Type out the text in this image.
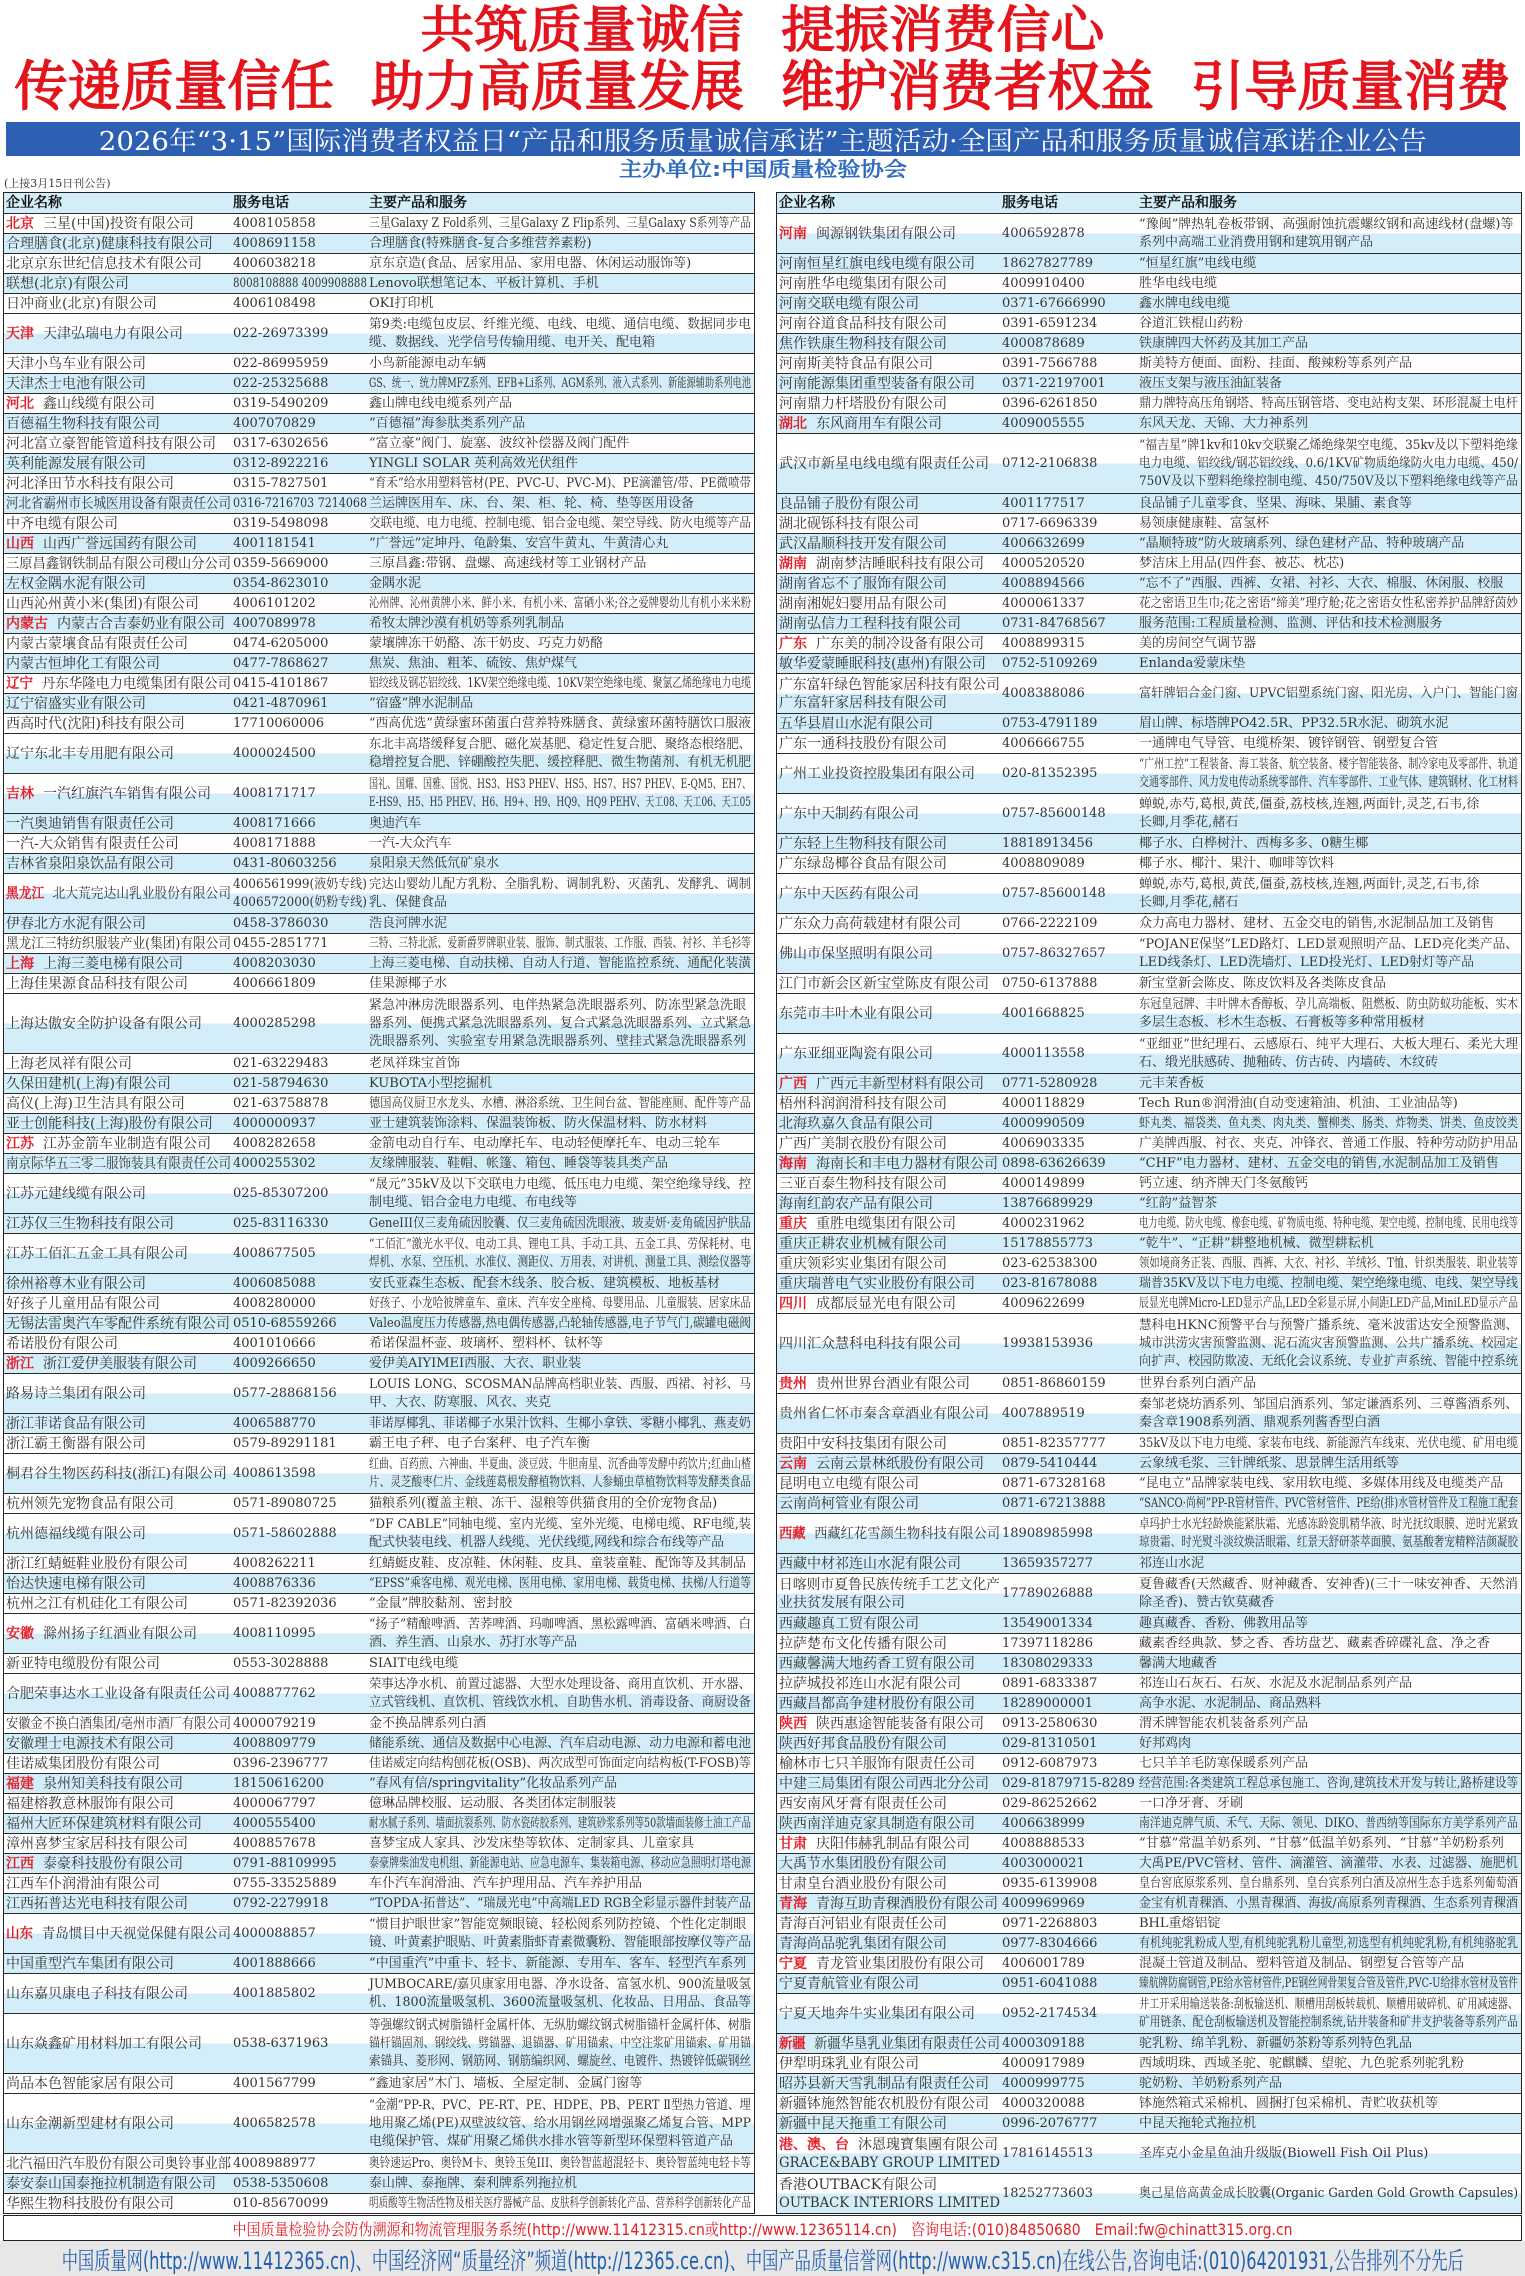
共筑质量诚信  提振消费信心
传递质量信任  助力高质量发展  维护消费者权益  引导质量消费
2026年“3·15”国际消费者权益日“产品和服务质量诚信承诺”主题活动·全国产品和服务质量诚信承诺企业公告
主办单位:中国质量检验协会
(上接3月15日刊公告)
企业名称	服务电话	主要产品和服务
北京 三星(中国)投资有限公司	4008105858	三星Galaxy Z Fold系列、三星Galaxy Z Flip系列、三星Galaxy S系列等产品
合理膳食(北京)健康科技有限公司	4008691158	合理膳食(特殊膳食-复合多维营养素粉)
北京京东世纪信息技术有限公司	4006038218	京东京造(食品、居家用品、家用电器、休闲运动服饰等)
联想(北京)有限公司	8008108888 4009908888 Lenovo联想笔记本、平板计算机、手机
日冲商业(北京)有限公司	4006108498	OKI打印机
天津 天津弘瑞电力有限公司	022-26973399
第9类:电缆包皮层、纤维光缆、电线、电缆、通信电缆、数据同步电
缆、数据线、光学信号传输用缆、电开关、配电箱
天津小鸟车业有限公司	022-86995959	小鸟新能源电动车辆
天津杰士电池有限公司	022-25325688	GS、统一、统力牌MFZ系列、EFB+Li系列、AGM系列、液入式系列、新能源辅助系列电池
河北 鑫山线缆有限公司	0319-5490209	鑫山牌电线电缆系列产品
百德福生物科技有限公司	4007070829	“百德福”海参肽类系列产品
河北富立豪智能管道科技有限公司	0317-6302656	“富立豪”阀门、旋塞、波纹补偿器及阀门配件
英利能源发展有限公司	0312-8922216	YINGLI SOLAR 英利高效光伏组件
河北泽田节水科技有限公司	0315-7827501	“育禾”给水用塑料管材(PE、PVC-U、PVC-M)、PE滴灌管/带、PE微喷带
河北省霸州市长城医用设备有限责任公司 0316-7216703 7214068 兰运牌医用车、床、台、架、柜、轮、椅、垫等医用设备
中齐电缆有限公司	0319-5498098	交联电缆、电力电缆、控制电缆、铝合金电缆、架空导线、防火电缆等产品
山西 山西广誉远国药有限公司	4001181541	“广誉远”定坤丹、龟龄集、安宫牛黄丸、牛黄清心丸
三原昌鑫钢铁制品有限公司稷山分公司 0359-5669000	三原昌鑫:带钢、盘螺、高速线材等工业钢材产品
左权金隅水泥有限公司	0354-8623010	金隅水泥
山西沁州黄小米(集团)有限公司	4006101202	沁州牌、沁州黄牌小米、鲜小米、有机小米、富硒小米;谷之爱牌婴幼儿有机小米米粉
内蒙古 内蒙古合吉泰奶业有限公司 4007089978	希牧太牌沙漠有机奶等系列乳制品
内蒙古蒙壤食品有限责任公司	0474-6205000	蒙壤牌冻干奶酪、冻干奶皮、巧克力奶酪
内蒙古恒坤化工有限公司	0477-7868627	焦炭、焦油、粗苯、硫铵、焦炉煤气
辽宁 丹东华隆电力电缆集团有限公司 0415-4101867	铝绞线及钢芯铝绞线、1KV架空绝缘电缆、10KV架空绝缘电缆、聚氯乙烯绝缘电力电缆
辽宁宿盛实业有限公司	0421-4870961	“宿盛”牌水泥制品
西高时代(沈阳)科技有限公司	17710060006	“西高优选”黄绿蜜环菌蛋白营养特殊膳食、黄绿蜜环菌特膳饮口服液
辽宁东北丰专用肥有限公司	4000024500
东北丰高塔缓释复合肥、磁化炭基肥、稳定性复合肥、聚络态根络肥、
稳增控复合肥、锌硼酸控失肥、缓控释肥、微生物菌剂、有机无机肥
吉林 一汽红旗汽车销售有限公司	4008171717
国礼、国耀、国雅、国悦、HS3、HS3 PHEV、HS5、HS7、HS7 PHEV、E-QM5、EH7、
E-HS9、H5、H5 PHEV、H6、H9+、H9、HQ9、HQ9 PEHV、天工08、天工06、天工05
一汽奥迪销售有限责任公司	4008171666	奥迪汽车
一汽-大众销售有限责任公司	4008171888	一汽-大众汽车
吉林省泉阳泉饮品有限公司	0431-80603256	泉阳泉天然低氘矿泉水
黑龙江 北大荒完达山乳业股份有限公司
4006561999(液奶专线)
4006572000(奶粉专线)
完达山婴幼儿配方乳粉、全脂乳粉、调制乳粉、灭菌乳、发酵乳、调制
乳、保健食品
伊春北方水泥有限公司	0458-3786030	浩良河牌水泥
黑龙江三特纺织服装产业(集团)有限公司 0455-2851771	三特、三特北派、爱新爵罗牌职业装、服饰、制式服装、工作服、西装、衬衫、羊毛衫等
上海 上海三菱电梯有限公司	4008203030	上海三菱电梯、自动扶梯、自动人行道、智能监控系统、通配化装潢
上海佳果源食品科技有限公司	4006661809	佳果源椰子水
上海达傲安全防护设备有限公司	4000285298
紧急冲淋房洗眼器系列、电伴热紧急洗眼器系列、防冻型紧急洗眼
器系列、便携式紧急洗眼器系列、复合式紧急洗眼器系列、立式紧急
洗眼器系列、实验室专用紧急洗眼器系列、壁挂式紧急洗眼器系列
上海老凤祥有限公司	021-63229483	老凤祥珠宝首饰
久保田建机(上海)有限公司	021-58794630	KUBOTA小型挖掘机
高仪(上海)卫生洁具有限公司	021-63758878	德国高仪厨卫水龙头、水槽、淋浴系统、卫生间台盆、智能座厕、配件等产品
亚士创能科技(上海)股份有限公司	4000000937	亚士建筑装饰涂料、保温装饰板、防火保温材料、防水材料
江苏 江苏金箭车业制造有限公司	4008282658	金箭电动自行车、电动摩托车、电动轻便摩托车、电动三轮车
南京际华五三零二服饰装具有限责任公司 4000255302	友缘牌服装、鞋帽、帐篷、箱包、睡袋等装具类产品
江苏元建线缆有限公司	025-85307200
“晟元”35kV及以下交联电力电缆、低压电力电缆、架空绝缘导线、控
制电缆、铝合金电力电缆、布电线等
江苏仅三生物科技有限公司	025-83116330	GeneIII仅三麦角硫因胶囊、仅三麦角硫因洗眼液、玻麦妍·麦角硫因护肤品
江苏工佰汇五金工具有限公司	4008677505
“工佰汇”激光水平仪、电动工具、锂电工具、手动工具、五金工具、劳保耗材、电
焊机、水泵、空压机、水准仪、测距仪、万用表、对讲机、测量工具、测绘仪器等
徐州裕尊木业有限公司	4006085088	安氏亚森生态板、配套木线条、胶合板、建筑模板、地板基材
好孩子儿童用品有限公司	4008280000	好孩子、小龙哈彼牌童车、童床、汽车安全座椅、母婴用品、儿童服装、居家床品
无锡法雷奥汽车零配件系统有限公司 0510-68559266	Valeo温度压力传感器,热电偶传感器,凸轮轴传感器,电子节气门,碳罐电磁阀
希诺股份有限公司	4001010666	希诺保温杯壶、玻璃杯、塑料杯、钛杯等
浙江 浙江爱伊美服装有限公司	4009266650	爱伊美AIYIMEI西服、大衣、职业装
路易诗兰集团有限公司	0577-28868156
LOUIS LONG、SCOSMAN品牌高档职业装、西服、西裙、衬衫、马
甲、大衣、防寒服、风衣、夹克
浙江菲诺食品有限公司	4006588770	菲诺厚椰乳、菲诺椰子水果汁饮料、生椰小拿铁、零糖小椰乳、燕麦奶
浙江霸王衡器有限公司	0579-89291181	霸王电子秤、电子台案秤、电子汽车衡
桐君谷生物医药科技(浙江)有限公司 4008613598
红曲、百药煎、六神曲、半夏曲、淡豆豉、牛胆南星、沉香曲等发酵中药饮片;红曲山楂
片、灵芝酸枣仁片、金线莲葛根发酵植物饮料、人参蛹虫草植物饮料等发酵类食品
杭州领先宠物食品有限公司	0571-89080725	猫粮系列(覆盖主粮、冻干、湿粮等供猫食用的全价宠物食品)
杭州德福线缆有限公司	0571-58602888
“DF CABLE”同轴电缆、室内光缆、室外光缆、电梯电缆、RF电缆,装
配式快装电线、机器人线缆、光伏线缆,网线和综合布线等产品
浙江红蜻蜓鞋业股份有限公司	4008262211	红蜻蜓皮鞋、皮凉鞋、休闲鞋、皮具、童装童鞋、配饰等及其制品
怡达快速电梯有限公司	4008876336	“EPSS”乘客电梯、观光电梯、医用电梯、家用电梯、载货电梯、扶梯/人行道等
杭州之江有机硅化工有限公司	0571-82392036	“金鼠”牌胶黏剂、密封胶
安徽 滁州扬子红酒业有限公司	4008110995
“扬子”精酿啤酒、苦荞啤酒、玛咖啤酒、黑松露啤酒、富硒米啤酒、白
酒、养生酒、山泉水、苏打水等产品
新亚特电缆股份有限公司	0553-3028888	SIAIT电线电缆
合肥荣事达水工业设备有限责任公司 4008877762
荣事达净水机、前置过滤器、大型水处理设备、商用直饮机、开水器、
立式管线机、直饮机、管线饮水机、自助售水机、消毒设备、商厨设备
安徽金不换白酒集团/亳州市酒厂有限公司 4000079219	金不换品牌系列白酒
安徽理士电源技术有限公司	4008809779	储能系统、通信及数据中心电源、汽车启动电源、动力电源和蓄电池
佳诺威集团股份有限公司	0396-2396777	佳诺威定向结构刨花板(OSB)、两次成型可饰面定向结构板(T-FOSB)等
福建 泉州知美科技有限公司	18150616200	“春风有信/springvitality”化妆品系列产品
福建榕教意林服饰有限公司	4000067797	億琳品牌校服、运动服、各类团体定制服装
福州大匠环保建筑材料有限公司	4000555400	耐水腻子系列、墙面抗裂系列、防水瓷砖胶系列、建筑砂浆系列等50款墙面装修土油工产品
漳州喜梦宝家居科技有限公司	4008857678	喜梦宝成人家具、沙发床垫等软体、定制家具、儿童家具
江西 泰豪科技股份有限公司	0791-88109995	泰豪牌柴油发电机组、新能源电站、应急电源车、集装箱电源、移动应急照明灯塔电源
江西车仆润滑油有限公司	0755-33525889	车仆汽车润滑油、汽车护理用品、汽车养护用品
江西拓普达光电科技有限公司	0792-2279918	“TOPDA·拓普达”、“瑞晟光电”中高端LED RGB全彩显示器件封装产品
山东 青岛惯目中天视觉保健有限公司 4000088857
“惯目护眼世家”智能宽频眼镜、轻松阅系列防控镜、个性化定制眼
镜、叶黄素护眼贴、叶黄素脂虾青素微囊粉、智能眼部按摩仪等产品
中国重型汽车集团有限公司	4001888666	“中国重汽”中重卡、轻卡、新能源、专用车、客车、轻型汽车系列
山东嘉贝康电子科技有限公司	4001885802
JUMBOCARE/嘉贝康家用电器、净水设备、富氢水机、900流量吸氢
机、1800流量吸氢机、3600流量吸氢机、化妆品、日用品、食品等
山东焱鑫矿用材料加工有限公司	0538-6371963
等强螺纹钢式树脂锚杆金属杆体、无纵肋螺纹钢式树脂锚杆金属杆体、树脂
锚杆锚固剂、钢绞线、劈锚器、退锚器、矿用锚索、中空注浆矿用锚索、矿用锚
索锚具、菱形网、钢筋网、钢筋编织网、螺旋丝、电镀件、热镀锌低碳钢丝
尚品本色智能家居有限公司	4001567799	“鑫迪家居”木门、墙板、全屋定制、金属门窗等
山东金潮新型建材有限公司	4006582578
“金潮”PP-R、PVC、PE-RT、PE、HDPE、PB、PERT Ⅱ型热力管道、埋
地用聚乙烯(PE)双壁波纹管、给水用钢丝网增强聚乙烯复合管、MPP
电缆保护管、煤矿用聚乙烯供水排水管等新型环保塑料管道产品
北汽福田汽车股份有限公司奥铃事业部 4008988977	奥铃速运Pro、奥铃M卡、奥铃玉兔III、奥铃智蓝超混轻卡、奥铃智蓝纯电轻卡等
泰安泰山国泰拖拉机制造有限公司	0538-5350608	泰山牌、泰拖牌、秦利牌系列拖拉机
华熙生物科技股份有限公司	010-85670099	明质酸等生物活性物及相关医疗器械产品、皮肤科学创新转化产品、营养科学创新转化产品
企业名称	服务电话	主要产品和服务
河南 闽源钢铁集团有限公司	4006592878
“豫闽”牌热轧卷板带钢、高强耐蚀抗震螺纹钢和高速线材(盘螺)等
系列中高端工业消费用钢和建筑用钢产品
河南恒星红旗电线电缆有限公司	18627827789	“恒星红旗”电线电缆
河南胜华电缆集团有限公司	4009910400	胜华电线电缆
河南交联电缆有限公司	0371-67666990	鑫水牌电线电缆
河南谷道食品科技有限公司	0391-6591234	谷道汇铁棍山药粉
焦作铁康生物科技有限公司	4000878689	铁康牌四大怀药及其加工产品
河南斯美特食品有限公司	0391-7566788	斯美特方便面、面粉、挂面、酸辣粉等系列产品
河南能源集团重型装备有限公司	0371-22197001	液压支架与液压油缸装备
河南鼎力杆塔股份有限公司	0396-6261850	鼎力牌特高压角钢塔、特高压钢管塔、变电站构支架、环形混凝土电杆
湖北 东风商用车有限公司	4009005555	东风天龙、天锦、大力神系列
武汉市新星电线电缆有限责任公司	0712-2106838
“福吉星”牌1kv和10kv交联聚乙烯绝缘架空电缆、35kv及以下塑料绝缘
电力电缆、铝绞线/钢芯铝绞线、0.6/1KV矿物质绝缘防火电力电缆、450/
750V及以下塑料绝缘控制电缆、450/750V及以下塑料绝缘电线等产品
良品铺子股份有限公司	4001177517	良品铺子儿童零食、坚果、海味、果脯、素食等
湖北砚铄科技有限公司	0717-6696339	易领康健康鞋、富氢杯
武汉晶顺科技开发有限公司	4006632699	“晶顺特玻”防火玻璃系列、绿色建材产品、特种玻璃产品
湖南 湖南梦洁睡眠科技有限公司	4000520520	梦洁床上用品(四件套、被芯、枕芯)
湖南省忘不了服饰有限公司	4008894566	“忘不了”西服、西裤、女裙、衬衫、大衣、棉服、休闲服、校服
湖南湘妮妇婴用品有限公司	4000061337	花之密语卫生巾;花之密语“缔美”理疗舱;花之密语女性私密养护品牌舒茵妙
湖南弘信力工程科技有限公司	0731-84768567	服务范围:工程质量检测、监测、评估和技术检测服务
广东 广东美的制冷设备有限公司	4008899315	美的房间空气调节器
敏华爱蒙睡眠科技(惠州)有限公司	0752-5109269	Enlanda爱蒙床垫
广东富轩绿色智能家居科技有限公司
广东富轩家居科技有限公司
4008388086	富轩牌铝合金门窗、UPVC铝塑系统门窗、阳光房、入户门、智能门窗
五华县眉山水泥有限公司	0753-4791189	眉山牌、标塔牌PO42.5R、PP32.5R水泥、砌筑水泥
广东一通科技股份有限公司	4006666755	一通牌电气导管、电缆桥架、镀锌钢管、钢塑复合管
广州工业投资控股集团有限公司	020-81352395
“广州工控”工程装备、海工装备、航空装备、楼宇智能装备、制冷家电及零部件、轨道
交通零部件、风力发电传动系统零部件、汽车零部件、工业气体、建筑钢材、化工材料
广东中天制药有限公司	0757-85600148
蝉蜕,赤芍,葛根,黄芪,僵蚕,荔枝核,连翘,两面针,灵芝,石韦,徐
长卿,月季花,赭石
广东轻上生物科技有限公司	18818913456	椰子水、白桦树汁、西梅多多、0糖生椰
广东绿岛椰谷食品有限公司	4008809089	椰子水、椰汁、果汁、咖啡等饮料
广东中天医药有限公司	0757-85600148
蝉蜕,赤芍,葛根,黄芪,僵蚕,荔枝核,连翘,两面针,灵芝,石韦,徐
长卿,月季花,赭石
广东众力高荷载建材有限公司	0766-2222109	众力高电力器材、建材、五金交电的销售,水泥制品加工及销售
佛山市保坚照明有限公司	0757-86327657
“POJANE保坚”LED路灯、LED景观照明产品、LED亮化类产品、
LED线条灯、LED洗墙灯、LED投光灯、LED射灯等产品
江门市新会区新宝堂陈皮有限公司	0750-6137888	新宝堂新会陈皮、陈皮饮料及各类陈皮食品
东莞市丰叶木业有限公司	4001668825
东冠皇冠牌、丰叶牌木香醇板、孕儿高端板、阻燃板、防虫防蚁功能板、实木
多层生态板、杉木生态板、石膏板等多种常用板材
广东亚细亚陶瓷有限公司	4000113558
“亚细亚”世纪理石、云感原石、纯平大理石、大板大理石、柔光大理
石、缎光肤感砖、抛釉砖、仿古砖、内墙砖、木纹砖
广西 广西元丰新型材料有限公司	0771-5280928	元丰茉香板
梧州科润润滑科技有限公司	4000118829	Tech Run®润滑油(自动变速箱油、机油、工业油品等)
北海玖嘉久食品有限公司	4000990509	虾丸类、福袋类、鱼丸类、肉丸类、蟹柳类、肠类、炸物类、饼类、鱼皮饺类
广西广美制衣股份有限公司	4006903335	广美牌西服、衬衣、夹克、冲锋衣、普通工作服、特种劳动防护用品
海南 海南长和丰电力器材有限公司 0898-63626639	“CHF”电力器材、建材、五金交电的销售,水泥制品加工及销售
三亚百泰生物科技有限公司	4000149899	钙立速、纳齐牌天门冬氨酸钙
海南红韵农产品有限公司	13876689929	“红韵”益智茶
重庆 重胜电缆集团有限公司	4000231962	电力电缆、防火电缆、橡套电缆、矿物质电缆、特种电缆、架空电缆、控制电缆、民用电线等
重庆正耕农业机械有限公司	15178855773	“乾牛”、“正耕”耕整地机械、微型耕耘机
重庆领彩实业集团有限公司	023-62538300	领如境商务正装、西服、西裤、大衣、衬衫、羊绒衫、T恤、针织类服装、职业装等
重庆瑞普电气实业股份有限公司	023-81678088	瑞普35KV及以下电力电缆、控制电缆、架空绝缘电缆、电线、架空导线
四川 成都辰显光电有限公司	4009622699	辰显光电牌Micro-LED显示产品,LED全彩显示屏,小间距LED产品,MiniLED显示产品
四川汇众慧科电科技有限公司	19938153936
慧科电HKNC预警平台与预警广播系统、毫米波雷达安全预警监测、
城市洪涝灾害预警监测、泥石流灾害预警监测、公共广播系统、校园定
向扩声、校园防欺凌、无纸化会议系统、专业扩声系统、智能中控系统
贵州 贵州世界台酒业有限公司	0851-86860159	世界台系列白酒产品
贵州省仁怀市秦含章酒业有限公司	4007889519
秦邹老烧坊酒系列、邹国启酒系列、邹定谦酒系列、三尊酱酒系列、
秦含章1908系列酒、鼎观系列酱香型白酒
贵阳中安科技集团有限公司	0851-82357777	35kV及以下电力电缆、家装布电线、新能源汽车线束、光伏电缆、矿用电缆
云南 云南云景林纸股份有限公司	0879-5410444	云象绒毛浆、三针牌纸浆、思景牌生活用纸等
昆明电立电缆有限公司	0871-67328168	“昆电立”品牌家装电线、家用软电缆、多媒体用线及电缆类产品
云南尚柯管业有限公司	0871-67213888	“SANCO·尚柯”PP-R管材管件、PVC管材管件、PE给(排)水管材管件及工程施工配套
西藏 西藏红花雪颜生物科技有限公司 18908985998
卓玛护士水光轻龄焕能紧肤霜、光感冻龄瓷肌精华液、时光抚纹眼膜、逆时光紧致
琼贵霜、时光熨斗淡纹焕活眼霜、红景天舒研茶萃面膜、氨基酸奢宠精粹洁颜凝胶
西藏中材祁连山水泥有限公司	13659357277	祁连山水泥
日喀则市夏鲁民族传统手工艺文化产
业扶贫发展有限公司
17789026888
夏鲁藏香(天然藏香、财神藏香、安神香)(三十一味安神香、天然消
除圣香)、赞古钦莫藏香
西藏趣真工贸有限公司	13549001334	趣真藏香、香粉、佛教用品等
拉萨楚布文化传播有限公司	17397118286	藏素香经典款、梦之香、香坊盘艺、藏素香碎碟礼盒、净之香
西藏馨满大地药香工贸有限公司	18308029333	馨满大地藏香
拉萨城投祁连山水泥有限公司	0891-6833387	祁连山石灰石、石灰、水泥及水泥制品系列产品
西藏昌都高争建材股份有限公司	18289000001	高争水泥、水泥制品、商品熟料
陕西 陕西惠途智能装备有限公司	0913-2580630	渭禾牌智能农机装备系列产品
陕西好邦食品股份有限公司	029-81310501	好邦鸡肉
榆林市七只羊服饰有限责任公司	0912-6087973	七只羊羊毛防寒保暖系列产品
中建三局集团有限公司西北分公司	029-81879715-8289 经营范围:各类建筑工程总承包施工、咨询,建筑技术开发与转让,路桥建设等
西安南风牙膏有限责任公司	029-86252662	一口净牙膏、牙刷
陕西南洋迪克家具制造有限公司	4006638999	南洋迪克牌气质、禾气、天际、领见、DIKO、普西纳等国际东方美学系列产品
甘肃 庆阳伟赫乳制品有限公司	4008888533	“甘慕”常温羊奶系列、“甘慕”低温羊奶系列、“甘慕”羊奶粉系列
大禹节水集团股份有限公司	4003000021	大禹PE/PVC管材、管件、滴灌管、滴灌带、水表、过滤器、施肥机
甘肃皇台酒业股份有限公司	0935-6139908	皇台窖底原浆系列、皇台鼎系列、皇台宾系列白酒及凉州生态手选系列葡萄酒
青海 青海互助青稞酒股份有限公司 4009969969	金宝有机青稞酒、小黑青稞酒、海拔/高原系列青稞酒、生态系列青稞酒
青海百河铝业有限责任公司	0971-2268803	BHL重熔铝锭
青海尚品驼乳集团有限公司	0977-8304666	有机纯驼乳粉成人型,有机纯驼乳粉儿童型,初选型有机纯驼乳粉,有机纯骆驼乳
宁夏 青龙管业集团股份有限公司	4006001789	混凝土管道及制品、塑料管道及制品、钢塑复合管等产品
宁夏青航管业有限公司	0951-6041088	臻航牌防腐钢管,PE给水管材管件,PE钢丝网骨架复合管及管件,PVC-U给排水管材及管件
宁夏天地奔牛实业集团有限公司	0952-2174534
井工开采用输送装备:刮板输送机、顺槽用刮板转载机、顺槽用破碎机、矿用减速器、
矿用链条、配仓刮板输送机及智能控制系统,钻井装备和矿井支护装备等系列产品
新疆 新疆华垦乳业集团有限责任公司 4000309188	驼乳粉、绵羊乳粉、新疆奶茶粉等系列特色乳品
伊犁明珠乳业有限公司	4000917989	西域明珠、西域圣驼、驼麒麟、望驼、九色驼系列驼乳粉
昭苏县新天雪乳制品有限责任公司	4000999775	驼奶粉、羊奶粉系列产品
新疆钵施然智能农机股份有限公司	4000320088	钵施然箱式采棉机、圆捆打包采棉机、青贮收获机等
新疆中昆天拖重工有限公司	0996-2076777	中昆天拖轮式拖拉机
港、澳、台 沐恩瑰寶集團有限公司
GRACE&BABY GROUP LIMITED
17816145513	圣库克小金星鱼油升级版(Biowell Fish Oil Plus)
香港OUTBACK有限公司
OUTBACK INTERIORS LIMITED
18252773603	奥己星倍高黄金成长胶囊(Organic Garden Gold Growth Capsules)
中国质量检验协会防伪溯源和物流管理服务系统(http://www.11412315.cn或http://www.12365114.cn)　咨询电话:(010)84850680　Email:fw@chinatt315.org.cn
中国质量网(http://www.11412365.cn)、中国经济网“质量经济”频道(http://12365.ce.cn)、中国产品质量信誉网(http://www.c315.cn)在线公告,咨询电话:(010)64201931,公告排列不分先后
